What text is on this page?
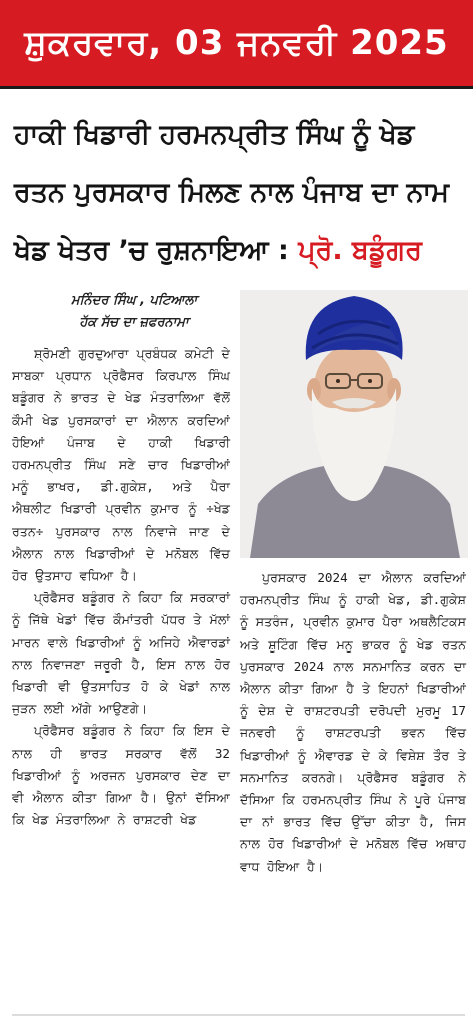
ਸ਼ੁਕਰਵਾਰ, 03 ਜਨਵਰੀ 2025
ਹਾਕੀ ਖਿਡਾਰੀ ਹਰਮਨਪ੍ਰੀਤ ਸਿੰਘ ਨੂੰ ਖੇਡ
ਰਤਨ ਪੁਰਸਕਾਰ ਮਿਲਣ ਨਾਲ ਪੰਜਾਬ ਦਾ ਨਾਮ
ਖੇਡ ਖੇਤਰ ’ਚ ਰੁਸ਼ਨਾਇਆ : ਪ੍ਰੋ. ਬਡੂੰਗਰ
ਮਨਿੰਦਰ ਸਿੰਘ , ਪਟਿਆਲਾ
ਹੱਕ ਸੱਚ ਦਾ ਜ਼ਫਰਨਾਮਾ

ਸ਼੍ਰੋਮਣੀ ਗੁਰਦੁਆਰਾ ਪ੍ਰਬੰਧਕ ਕਮੇਟੀ ਦੇ ਸਾਬਕਾ ਪ੍ਰਧਾਨ ਪ੍ਰੋਫੈਸਰ ਕਿਰਪਾਲ ਸਿੰਘ ਬਡੂੰਗਰ ਨੇ ਭਾਰਤ ਦੇ ਖੇਡ ਮੰਤਰਾਲਿਆ ਵੱਲੋਂ ਕੌਮੀ ਖੇਡ ਪੁਰਸਕਾਰਾਂ ਦਾ ਐਲਾਨ ਕਰਦਿਆਂ ਹੋਇਆਂ ਪੰਜਾਬ ਦੇ ਹਾਕੀ ਖਿਡਾਰੀ ਹਰਮਨਪ੍ਰੀਤ ਸਿੰਘ ਸਣੇ ਚਾਰ ਖਿਡਾਰੀਆਂ ਮਨੂੰ ਭਾਖਰ, ਡੀ.ਗੁਕੇਸ਼, ਅਤੇ ਪੈਰਾ ਐਥਲੀਟ ਖਿਡਾਰੀ ਪ੍ਰਵੀਨ ਕੁਮਾਰ ਨੂੰ ÷ਖੇਡ ਰਤਨ÷ ਪੁਰਸਕਾਰ ਨਾਲ ਨਿਵਾਜੇ ਜਾਣ ਦੇ ਐਲਾਨ ਨਾਲ ਖਿਡਾਰੀਆਂ ਦੇ ਮਨੋਬਲ ਵਿੱਚ ਹੋਰ ਉਤਸਾਹ ਵਧਿਆ ਹੈ।

ਪ੍ਰੋਫੈਸਰ ਬਡੂੰਗਰ ਨੇ ਕਿਹਾ ਕਿ ਸਰਕਾਰਾਂ ਨੂੰ ਜਿੱਥੇ ਖੇਡਾਂ ਵਿੱਚ ਕੌਮਾਂਤਰੀ ਪੱਧਰ ਤੇ ਮੱਲਾਂ ਮਾਰਨ ਵਾਲੇ ਖਿਡਾਰੀਆਂ ਨੂੰ ਅਜਿਹੇ ਐਵਾਰਡਾਂ ਨਾਲ ਨਿਵਾਜਣਾ ਜਰੂਰੀ ਹੈ, ਇਸ ਨਾਲ ਹੋਰ ਖਿਡਾਰੀ ਵੀ ਉਤਸਾਹਿਤ ਹੋ ਕੇ ਖੇਡਾਂ ਨਾਲ ਜੁੜਨ ਲਈ ਅੱਗੇ ਆਉਣਗੇ।

ਪ੍ਰੋਫੈਸਰ ਬਡੂੰਗਰ ਨੇ ਕਿਹਾ ਕਿ ਇਸ ਦੇ ਨਾਲ ਹੀ ਭਾਰਤ ਸਰਕਾਰ ਵੱਲੋਂ 32 ਖਿਡਾਰੀਆਂ ਨੂੰ ਅਰਜਨ ਪੁਰਸਕਾਰ ਦੇਣ ਦਾ ਵੀ ਐਲਾਨ ਕੀਤਾ ਗਿਆ ਹੈ। ਉਨਾਂ ਦੱਸਿਆ ਕਿ ਖੇਡ ਮੰਤਰਾਲਿਆ ਨੇ ਰਾਸ਼ਟਰੀ ਖੇਡ

ਪੁਰਸਕਾਰ 2024 ਦਾ ਐਲਾਨ ਕਰਦਿਆਂ ਹਰਮਨਪ੍ਰੀਤ ਸਿੰਘ ਨੂੰ ਹਾਕੀ ਖੇਡ, ਡੀ.ਗੁਕੇਸ਼ ਨੂੰ ਸਤਰੰਜ, ਪ੍ਰਵੀਨ ਕੁਮਾਰ ਪੈਰਾ ਅਥਲੈਟਿਕਸ ਅਤੇ ਸ਼ੂਟਿੰਗ ਵਿੱਚ ਮਨੂ ਭਾਕਰ ਨੂੰ ਖੇਡ ਰਤਨ ਪੁਰਸਕਾਰ 2024 ਨਾਲ ਸਨਮਾਨਿਤ ਕਰਨ ਦਾ ਐਲਾਨ ਕੀਤਾ ਗਿਆ ਹੈ ਤੇ ਇਹਨਾਂ ਖਿਡਾਰੀਆਂ ਨੂੰ ਦੇਸ਼ ਦੇ ਰਾਸ਼ਟਰਪਤੀ ਦਰੋਪਦੀ ਮੁਰਮੂ 17 ਜਨਵਰੀ ਨੂੰ ਰਾਸ਼ਟਰਪਤੀ ਭਵਨ ਵਿੱਚ ਖਿਡਾਰੀਆਂ ਨੂੰ ਐਵਾਰਡ ਦੇ ਕੇ ਵਿਸ਼ੇਸ਼ ਤੌਰ ਤੇ ਸਨਮਾਨਿਤ ਕਰਨਗੇ। ਪ੍ਰੋਫੈਸਰ ਬਡੂੰਗਰ ਨੇ ਦੱਸਿਆ ਕਿ ਹਰਮਨਪ੍ਰੀਤ ਸਿੰਘ ਨੇ ਪੂਰੇ ਪੰਜਾਬ ਦਾ ਨਾਂ ਭਾਰਤ ਵਿੱਚ ਉੱਚਾ ਕੀਤਾ ਹੈ, ਜਿਸ ਨਾਲ ਹੋਰ ਖਿਡਾਰੀਆਂ ਦੇ ਮਨੋਬਲ ਵਿੱਚ ਅਥਾਹ ਵਾਧ ਹੋਇਆ ਹੈ।
